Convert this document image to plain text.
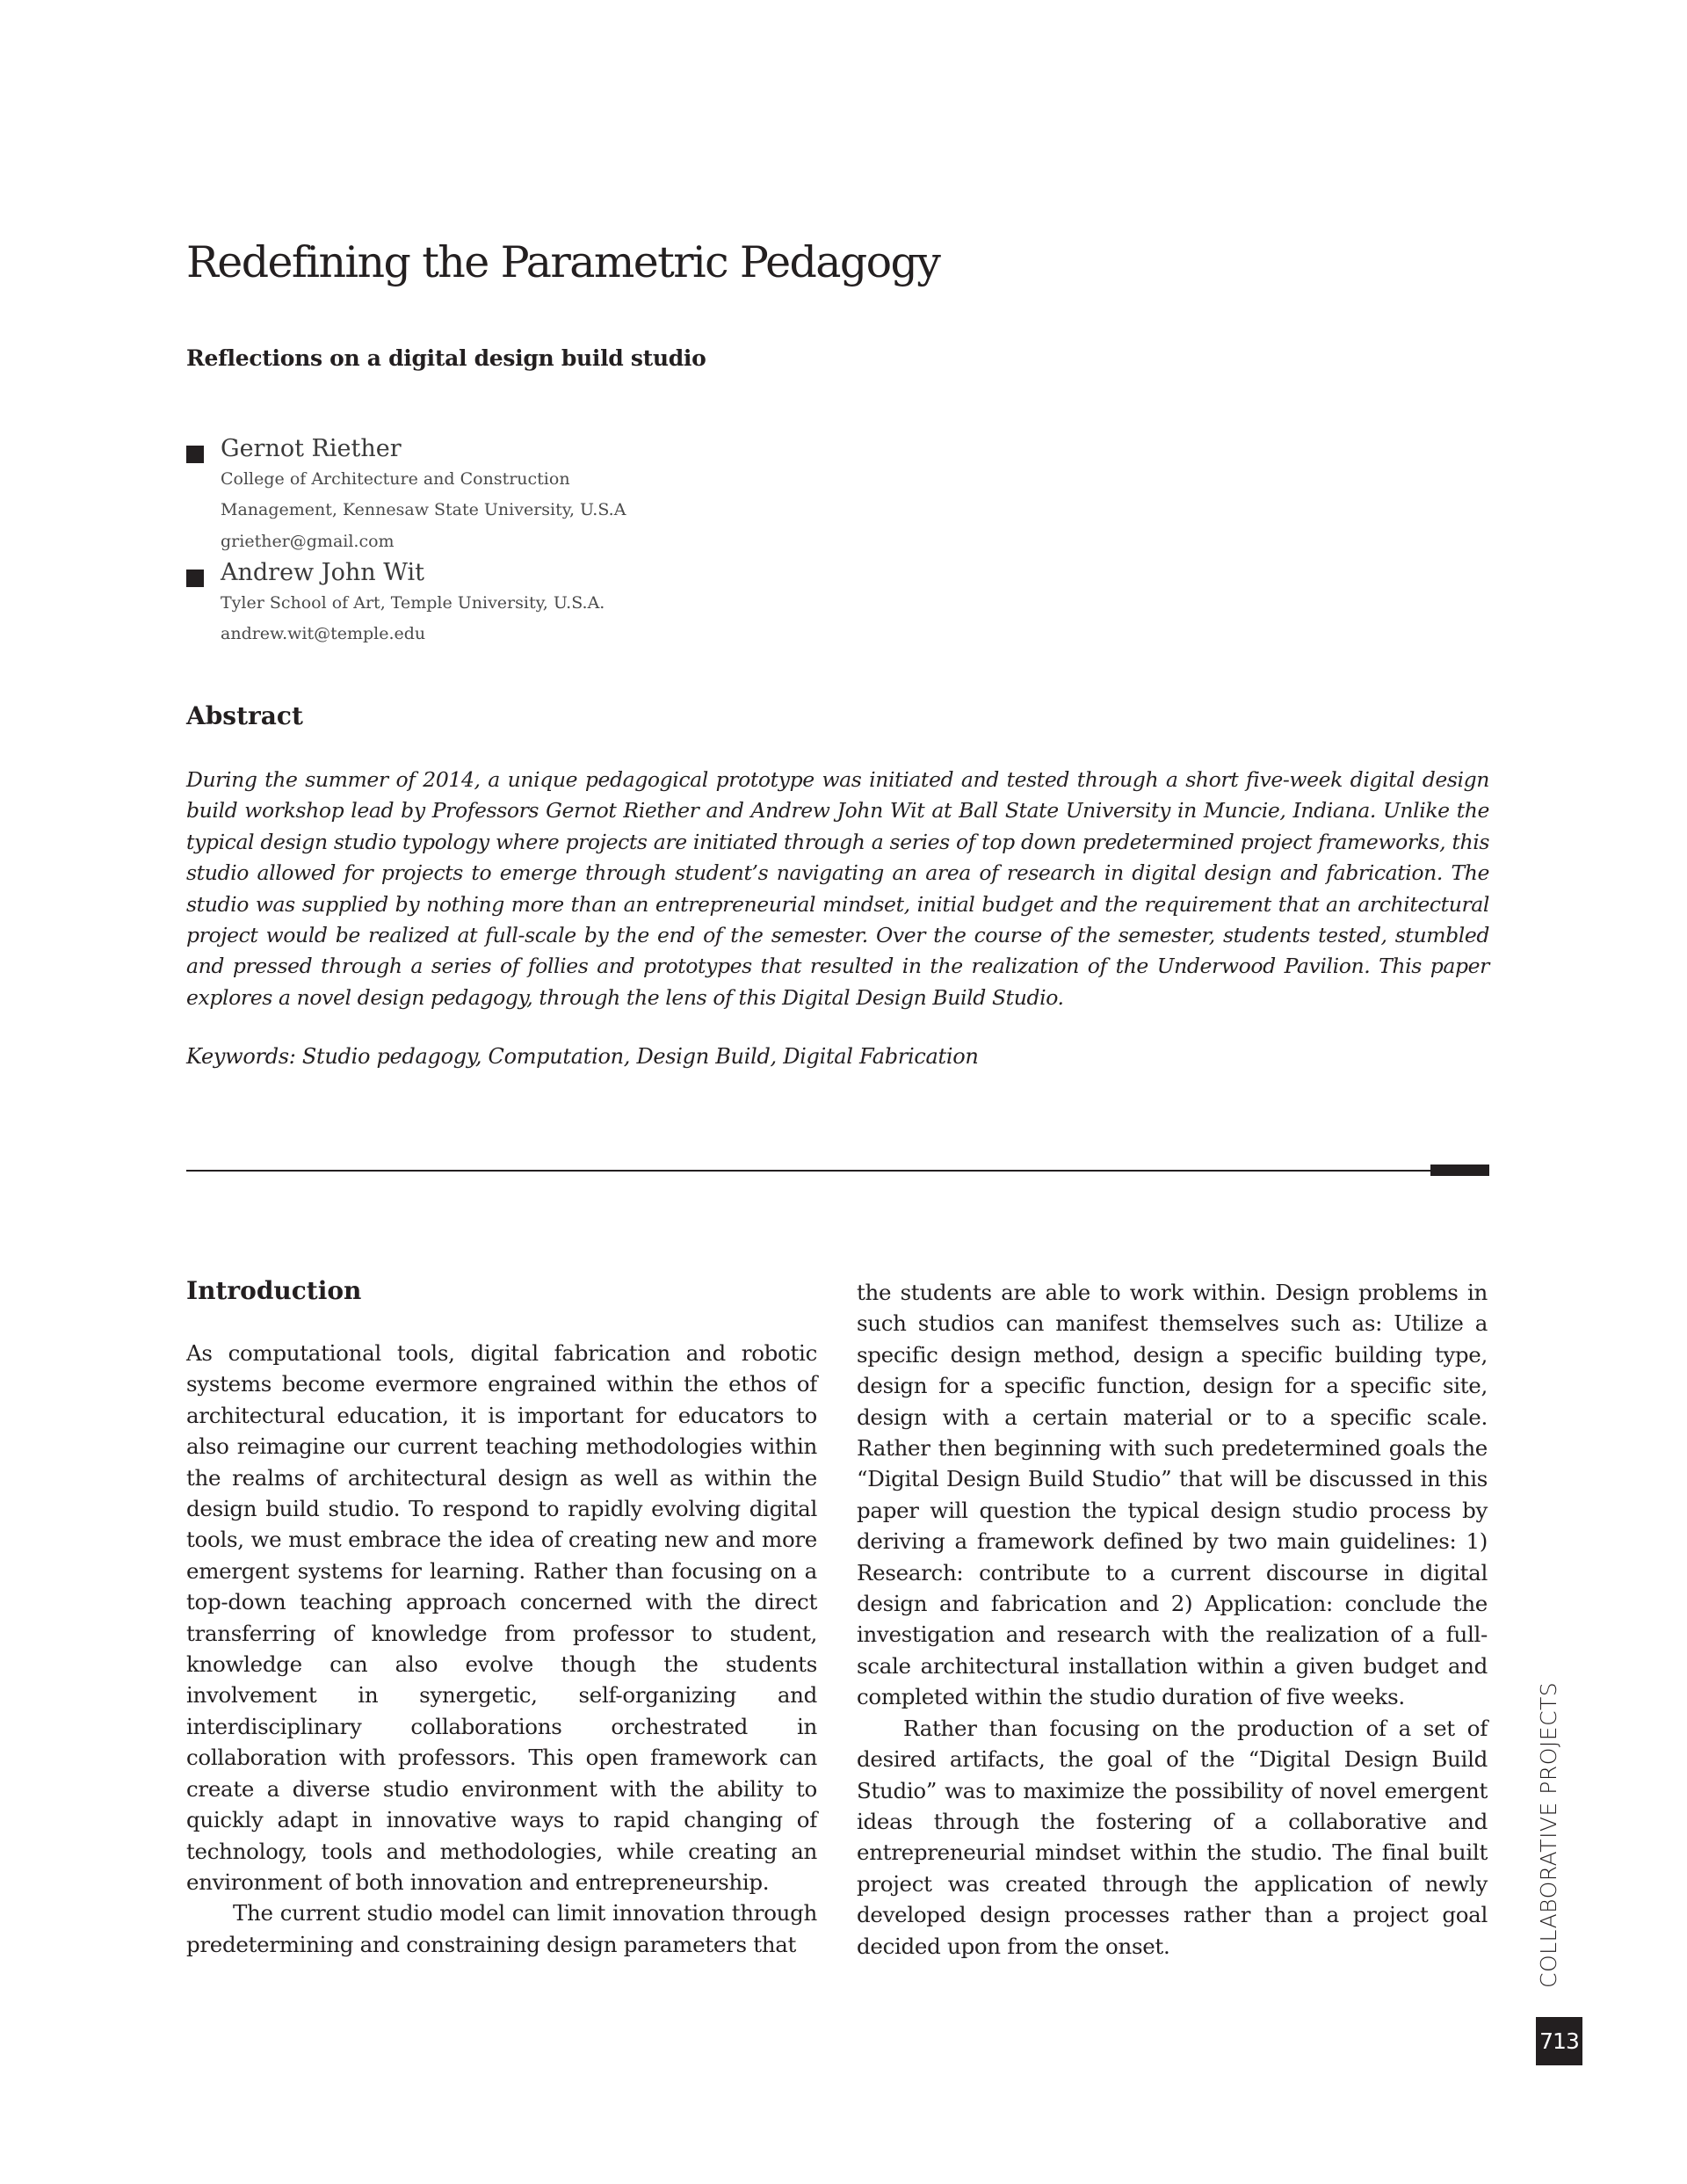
Redefining the Parametric Pedagogy
Reflections on a digital design build studio
Gernot Riether
College of Architecture and Construction
Management, Kennesaw State University, U.S.A
griether@gmail.com
Andrew John Wit
Tyler School of Art, Temple University, U.S.A.
andrew.wit@temple.edu
Abstract

During the summer of 2014, a unique pedagogical prototype was initiated and tested through a short five-week digital design build workshop lead by Professors Gernot Riether and Andrew John Wit at Ball State University in Muncie, Indiana. Unlike the typical design studio typology where projects are initiated through a series of top down predetermined project frameworks, this studio allowed for projects to emerge through student’s navigating an area of research in digital design and fabrication. The studio was supplied by nothing more than an entrepreneurial mindset, initial budget and the requirement that an architectural project would be realized at full-scale by the end of the semester. Over the course of the semester, students tested, stumbled and pressed through a series of follies and prototypes that resulted in the realization of the Underwood Pavilion. This paper explores a novel design pedagogy, through the lens of this Digital Design Build Studio.

Keywords: Studio pedagogy, Computation, Design Build, Digital Fabrication

Introduction

As computational tools, digital fabrication and robotic systems become evermore engrained within the ethos of architectural education, it is important for educators to also reimagine our current teaching methodologies within the realms of architectural design as well as within the design build studio. To respond to rapidly evolving digital tools, we must embrace the idea of creating new and more emergent systems for learning. Rather than focusing on a top-down teaching approach concerned with the direct transferring of knowledge from professor to student, knowledge can also evolve though the students involvement in synergetic, self-organizing and interdisciplinary collaborations orchestrated in collaboration with professors. This open framework can create a diverse studio environment with the ability to quickly adapt in innovative ways to rapid changing of technology, tools and methodologies, while creating an environment of both innovation and entrepreneurship.

The current studio model can limit innovation through predetermining and constraining design parameters that

the students are able to work within. Design problems in such studios can manifest themselves such as: Utilize a specific design method, design a specific building type, design for a specific function, design for a specific site, design with a certain material or to a specific scale. Rather then beginning with such predetermined goals the “Digital Design Build Studio” that will be discussed in this paper will question the typical design studio process by deriving a framework defined by two main guidelines: 1) Research: contribute to a current discourse in digital design and fabrication and 2) Application: conclude the investigation and research with the realization of a full-scale architectural installation within a given budget and completed within the studio duration of five weeks.

Rather than focusing on the production of a set of desired artifacts, the goal of the “Digital Design Build Studio” was to maximize the possibility of novel emergent ideas through the fostering of a collaborative and entrepreneurial mindset within the studio. The final built project was created through the application of newly developed design processes rather than a project goal decided upon from the onset.	COLLABORATIVE PROJECTS
713
